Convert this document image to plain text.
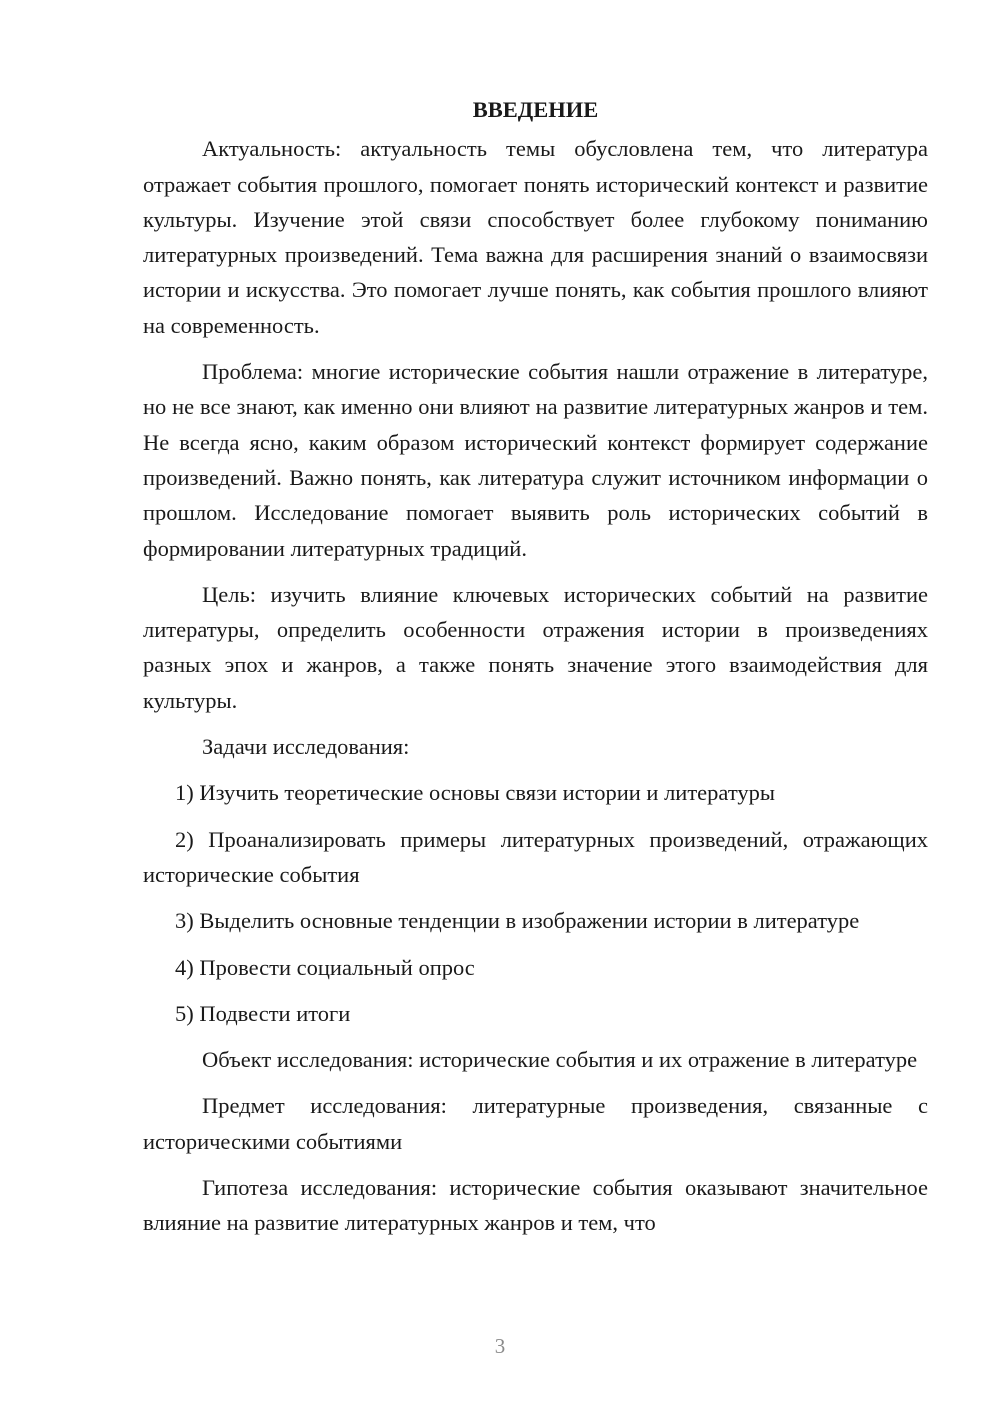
ВВЕДЕНИЕ

Актуальность: актуальность темы обусловлена тем, что литература отражает события прошлого, помогает понять исторический контекст и развитие культуры. Изучение этой связи способствует более глубокому пониманию литературных произведений. Тема важна для расширения знаний о взаимосвязи истории и искусства. Это помогает лучше понять, как события прошлого влияют на современность.

Проблема: многие исторические события нашли отражение в литературе, но не все знают, как именно они влияют на развитие литературных жанров и тем. Не всегда ясно, каким образом исторический контекст формирует содержание произведений. Важно понять, как литература служит источником информации о прошлом. Исследование помогает выявить роль исторических событий в формировании литературных традиций.

Цель: изучить влияние ключевых исторических событий на развитие литературы, определить особенности отражения истории в произведениях разных эпох и жанров, а также понять значение этого взаимодействия для культуры.

Задачи исследования:

1) Изучить теоретические основы связи истории и литературы

2) Проанализировать примеры литературных произведений, отражающих исторические события

3) Выделить основные тенденции в изображении истории в литературе

4) Провести социальный опрос

5) Подвести итоги

Объект исследования: исторические события и их отражение в литературе

Предмет исследования: литературные произведения, связанные с историческими событиями

Гипотеза исследования: исторические события оказывают значительное влияние на развитие литературных жанров и тем, что

3
